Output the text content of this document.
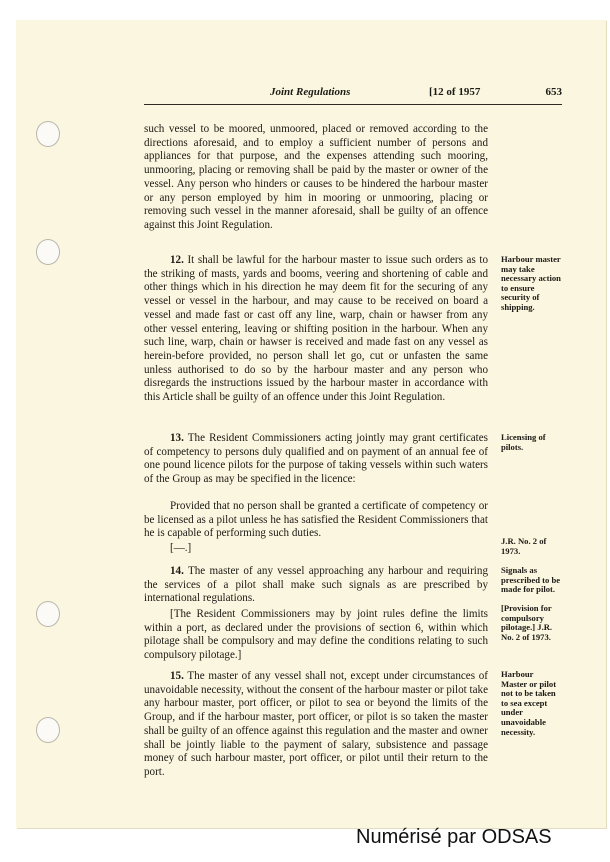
Joint Regulations	[12 of 1957	653

such vessel to be moored, unmoored, placed or removed according to the directions aforesaid, and to employ a sufficient number of persons and appliances for that purpose, and the expenses attending such mooring, unmooring, placing or removing shall be paid by the master or owner of the vessel. Any person who hinders or causes to be hindered the harbour master or any person employed by him in mooring or unmooring, placing or removing such vessel in the manner aforesaid, shall be guilty of an offence against this Joint Regulation.

12. It shall be lawful for the harbour master to issue such orders as to the striking of masts, yards and booms, veering and shortening of cable and other things which in his direction he may deem fit for the securing of any vessel or vessel in the harbour, and may cause to be received on board a vessel and made fast or cast off any line, warp, chain or hawser from any other vessel entering, leaving or shifting position in the harbour. When any such line, warp, chain or hawser is received and made fast on any vessel as herein-before provided, no person shall let go, cut or unfasten the same unless authorised to do so by the harbour master and any person who disregards the instructions issued by the harbour master in accordance with this Article shall be guilty of an offence under this Joint Regulation.

13. The Resident Commissioners acting jointly may grant certificates of competency to persons duly qualified and on payment of an annual fee of one pound licence pilots for the purpose of taking vessels within such waters of the Group as may be specified in the licence:

Provided that no person shall be granted a certificate of competency or be licensed as a pilot unless he has satisfied the Resident Commissioners that he is capable of performing such duties.

[—.]

14. The master of any vessel approaching any harbour and requiring the services of a pilot shall make such signals as are prescribed by international regulations.

[The Resident Commissioners may by joint rules define the limits within a port, as declared under the provisions of section 6, within which pilotage shall be compulsory and may define the conditions relating to such compulsory pilotage.]

15. The master of any vessel shall not, except under circumstances of unavoidable necessity, without the consent of the harbour master or pilot take any harbour master, port officer, or pilot to sea or beyond the limits of the Group, and if the harbour master, port officer, or pilot is so taken the master shall be guilty of an offence against this regulation and the master and owner shall be jointly liable to the payment of salary, subsistence and passage money of such harbour master, port officer, or pilot until their return to the port.

Harbour master may take necessary action to ensure security of shipping.

Licensing of pilots.

J.R. No. 2 of 1973.

Signals as prescribed to be made for pilot.

[Provision for compulsory pilotage.] J.R. No. 2 of 1973.

Harbour Master or pilot not to be taken to sea except under unavoidable necessity.

Numérisé par ODSAS
